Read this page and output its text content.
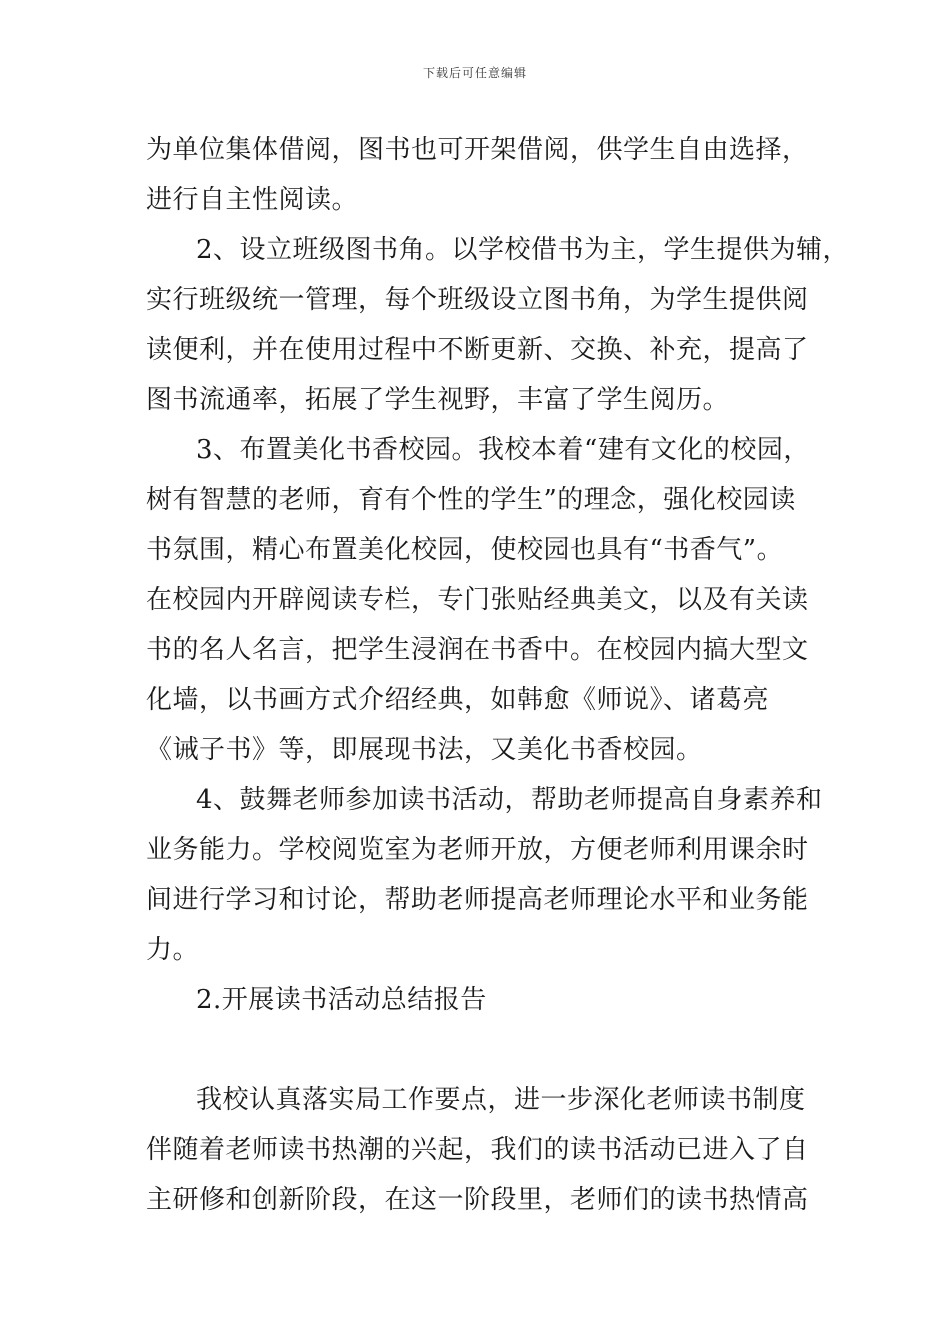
下载后可任意编辑
为单位集体借阅，图书也可开架借阅，供学生自由选择，
进行自主性阅读。
2、设立班级图书角。以学校借书为主，学生提供为辅，
实行班级统一管理，每个班级设立图书角，为学生提供阅
读便利，并在使用过程中不断更新、交换、补充，提高了
图书流通率，拓展了学生视野，丰富了学生阅历。
3、布置美化书香校园。我校本着“建有文化的校园，
树有智慧的老师，育有个性的学生”的理念，强化校园读
书氛围，精心布置美化校园，使校园也具有“书香气”。
在校园内开辟阅读专栏，专门张贴经典美文，以及有关读
书的名人名言，把学生浸润在书香中。在校园内搞大型文
化墙，以书画方式介绍经典，如韩愈《师说》、诸葛亮
《诫子书》等，即展现书法，又美化书香校园。
4、鼓舞老师参加读书活动，帮助老师提高自身素养和
业务能力。学校阅览室为老师开放，方便老师利用课余时
间进行学习和讨论，帮助老师提高老师理论水平和业务能
力。
2.开展读书活动总结报告
我校认真落实局工作要点，进一步深化老师读书制度
伴随着老师读书热潮的兴起，我们的读书活动已进入了自
主研修和创新阶段，在这一阶段里，老师们的读书热情高
